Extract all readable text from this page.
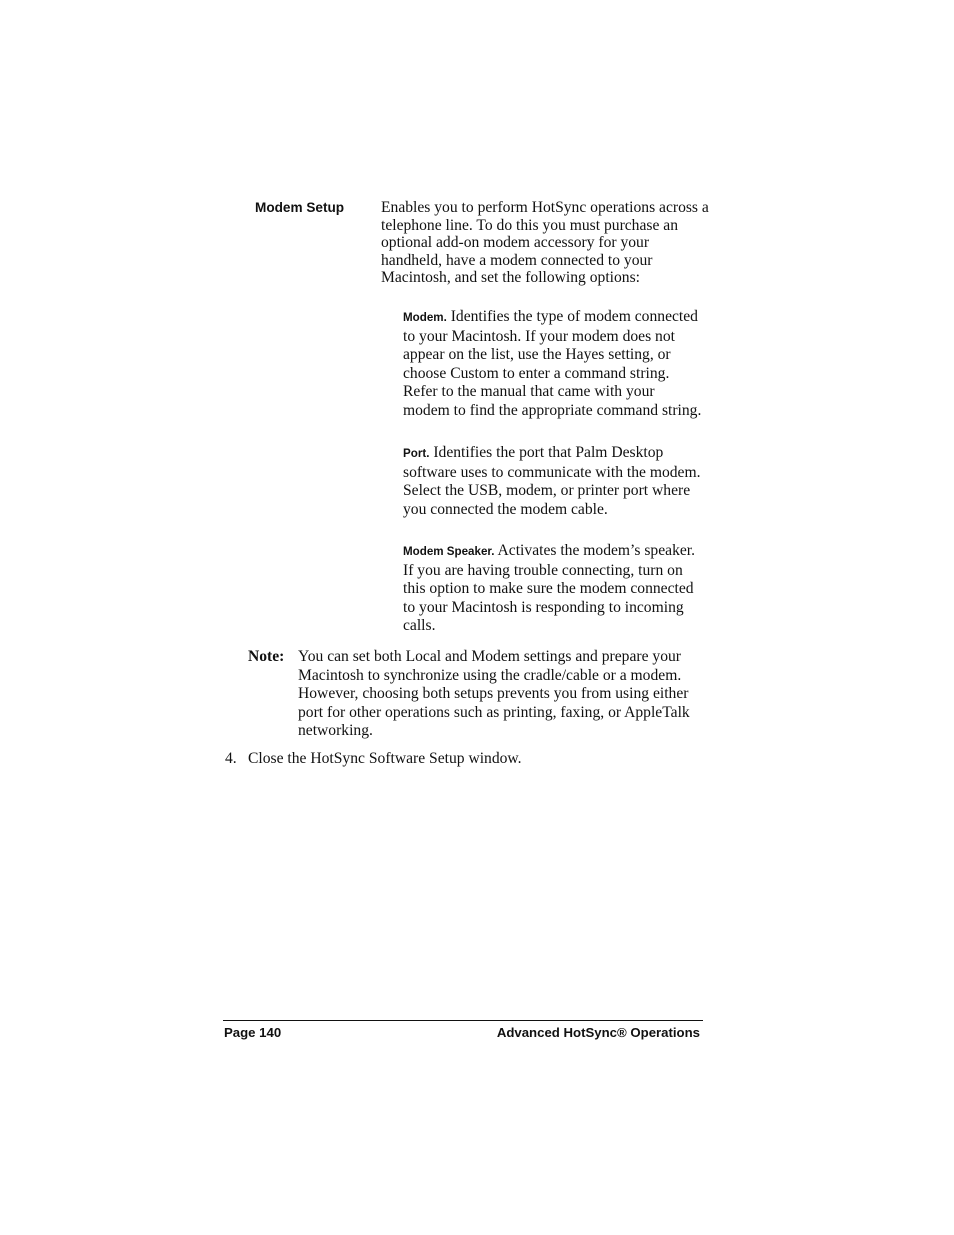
Modem Setup Enables you to perform HotSync operations across a telephone line. To do this you must purchase an optional add-on modem accessory for your handheld, have a modem connected to your Macintosh, and set the following options:
Modem. Identifies the type of modem connected to your Macintosh. If your modem does not appear on the list, use the Hayes setting, or choose Custom to enter a command string. Refer to the manual that came with your modem to find the appropriate command string.
Port. Identifies the port that Palm Desktop software uses to communicate with the modem. Select the USB, modem, or printer port where you connected the modem cable.
Modem Speaker. Activates the modem’s speaker. If you are having trouble connecting, turn on this option to make sure the modem connected to your Macintosh is responding to incoming calls.
Note: You can set both Local and Modem settings and prepare your Macintosh to synchronize using the cradle/cable or a modem. However, choosing both setups prevents you from using either port for other operations such as printing, faxing, or AppleTalk networking.
4. Close the HotSync Software Setup window.
Page 140	Advanced HotSync® Operations
